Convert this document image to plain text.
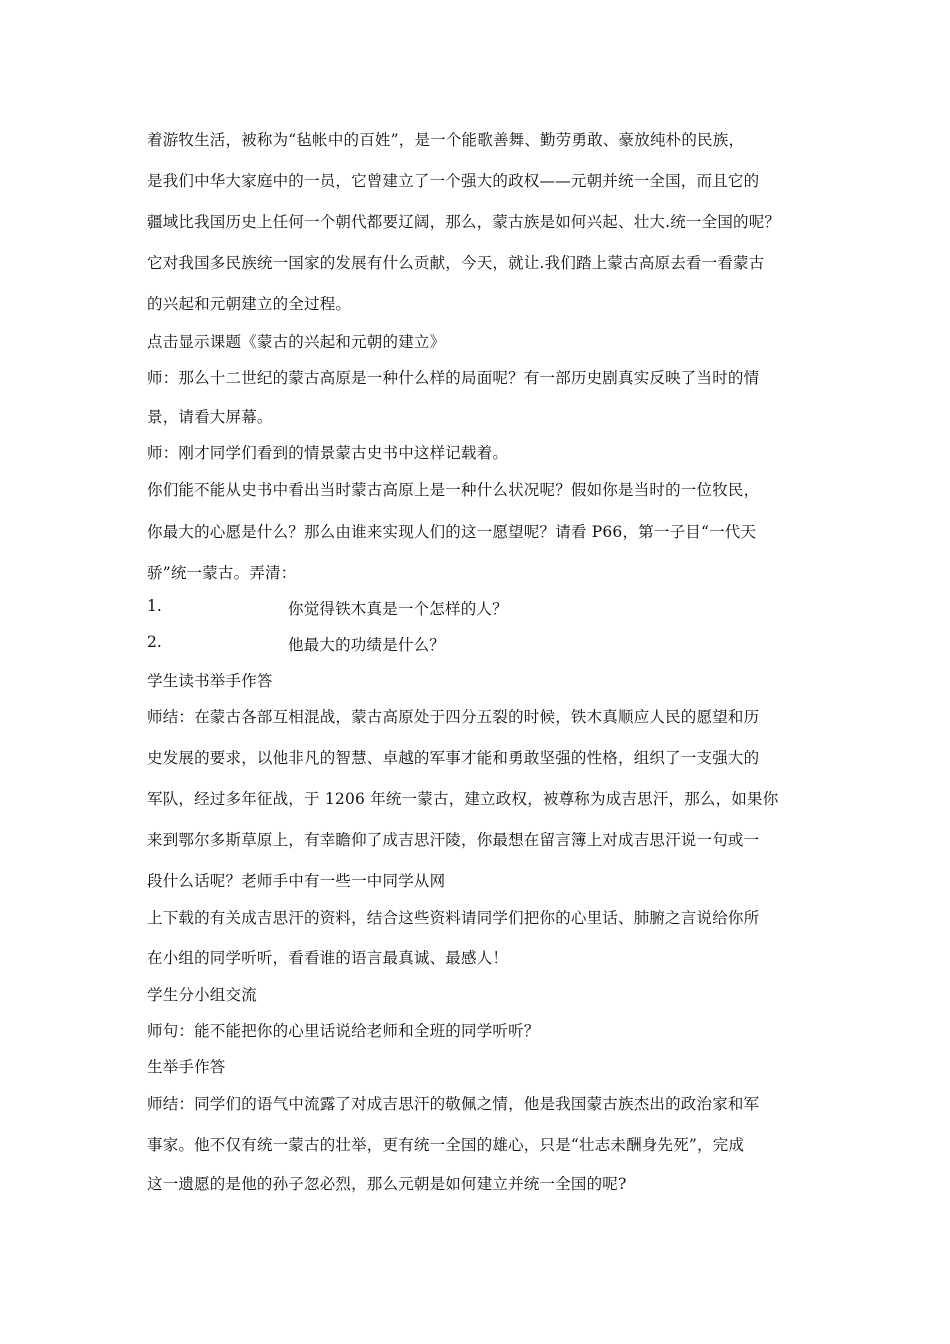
着游牧生活，被称为“毡帐中的百姓”，是一个能歌善舞、勤劳勇敢、豪放纯朴的民族，
是我们中华大家庭中的一员，它曾建立了一个强大的政权——元朝并统一全国，而且它的
疆域比我国历史上任何一个朝代都要辽阔，那么，蒙古族是如何兴起、壮大.统一全国的呢？
它对我国多民族统一国家的发展有什么贡献，今天，就让.我们踏上蒙古高原去看一看蒙古
的兴起和元朝建立的全过程。
点击显示课题《蒙古的兴起和元朝的建立》
师：那么十二世纪的蒙古高原是一种什么样的局面呢？有一部历史剧真实反映了当时的情
景，请看大屏幕。
师：刚才同学们看到的情景蒙古史书中这样记载着。
你们能不能从史书中看出当时蒙古高原上是一种什么状况呢？假如你是当时的一位牧民，
你最大的心愿是什么？那么由谁来实现人们的这一愿望呢？请看 P66，第一子目“一代天
骄”统一蒙古。弄清：
1.	你觉得铁木真是一个怎样的人？
2.	他最大的功绩是什么？
学生读书举手作答
师结：在蒙古各部互相混战，蒙古高原处于四分五裂的时候，铁木真顺应人民的愿望和历
史发展的要求，以他非凡的智慧、卓越的军事才能和勇敢坚强的性格，组织了一支强大的
军队，经过多年征战，于 1206 年统一蒙古，建立政权，被尊称为成吉思汗，那么，如果你
来到鄂尔多斯草原上，有幸瞻仰了成吉思汗陵，你最想在留言簿上对成吉思汗说一句或一
段什么话呢？老师手中有一些一中同学从网
上下载的有关成吉思汗的资料，结合这些资料请同学们把你的心里话、肺腑之言说给你所
在小组的同学听听，看看谁的语言最真诚、最感人！
学生分小组交流
师句：能不能把你的心里话说给老师和全班的同学听听？
生举手作答
师结：同学们的语气中流露了对成吉思汗的敬佩之情，他是我国蒙古族杰出的政治家和军
事家。他不仅有统一蒙古的壮举，更有统一全国的雄心，只是“壮志未酬身先死”，完成
这一遗愿的是他的孙子忽必烈，那么元朝是如何建立并统一全国的呢?
